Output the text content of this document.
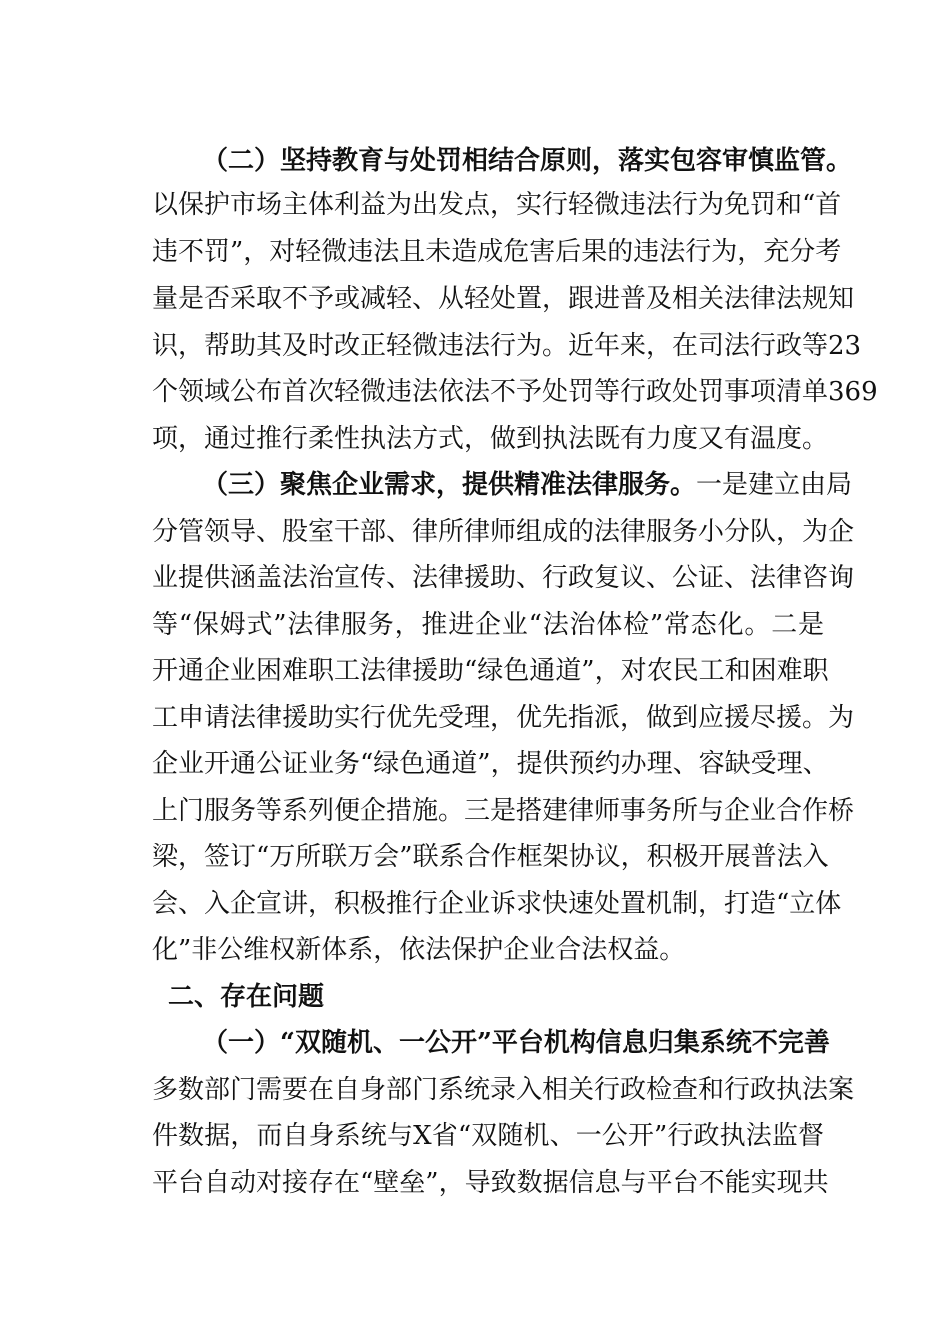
（二）坚持教育与处罚相结合原则，落实包容审慎监管。
以保护市场主体利益为出发点，实行轻微违法行为免罚和“首
违不罚”，对轻微违法且未造成危害后果的违法行为，充分考
量是否采取不予或减轻、从轻处置，跟进普及相关法律法规知
识，帮助其及时改正轻微违法行为。近年来，在司法行政等23
个领域公布首次轻微违法依法不予处罚等行政处罚事项清单369
项，通过推行柔性执法方式，做到执法既有力度又有温度。
（三）聚焦企业需求，提供精准法律服务。一是建立由局
分管领导、股室干部、律所律师组成的法律服务小分队，为企
业提供涵盖法治宣传、法律援助、行政复议、公证、法律咨询
等“保姆式”法律服务，推进企业“法治体检”常态化。二是
开通企业困难职工法律援助“绿色通道”，对农民工和困难职
工申请法律援助实行优先受理，优先指派，做到应援尽援。为
企业开通公证业务“绿色通道”，提供预约办理、容缺受理、
上门服务等系列便企措施。三是搭建律师事务所与企业合作桥
梁，签订“万所联万会”联系合作框架协议，积极开展普法入
会、入企宣讲，积极推行企业诉求快速处置机制，打造“立体
化”非公维权新体系，依法保护企业合法权益。
二、存在问题
（一）“双随机、一公开”平台机构信息归集系统不完善
多数部门需要在自身部门系统录入相关行政检查和行政执法案
件数据，而自身系统与X省“双随机、一公开”行政执法监督
平台自动对接存在“壁垒”，导致数据信息与平台不能实现共
